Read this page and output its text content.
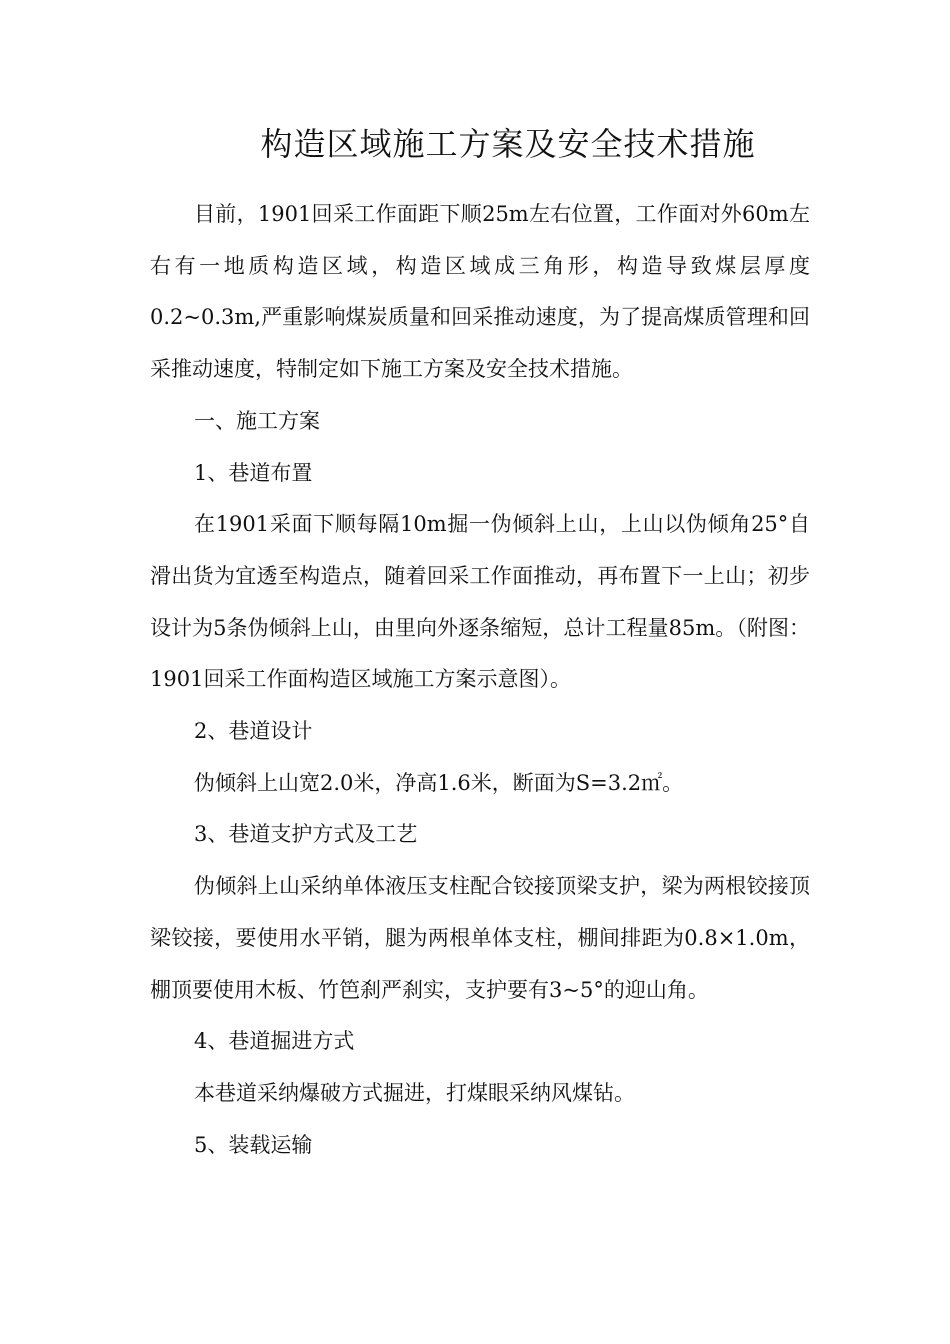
构造区域施工方案及安全技术措施

目前，1901回采工作面距下顺25m左右位置，工作面对外60m左右有一地质构造区域，构造区域成三角形，构造导致煤层厚度0.2~0.3m,严重影响煤炭质量和回采推动速度，为了提高煤质管理和回采推动速度，特制定如下施工方案及安全技术措施。

一、施工方案

1、巷道布置

在1901采面下顺每隔10m掘一伪倾斜上山，上山以伪倾角25°自滑出货为宜透至构造点，随着回采工作面推动，再布置下一上山；初步设计为5条伪倾斜上山，由里向外逐条缩短，总计工程量85m。（附图：1901回采工作面构造区域施工方案示意图）。

2、巷道设计

伪倾斜上山宽2.0米，净高1.6米，断面为S=3.2㎡。

3、巷道支护方式及工艺

伪倾斜上山采纳单体液压支柱配合铰接顶梁支护，梁为两根铰接顶梁铰接，要使用水平销，腿为两根单体支柱，棚间排距为0.8×1.0m，棚顶要使用木板、竹笆刹严刹实，支护要有3~5°的迎山角。

4、巷道掘进方式

本巷道采纳爆破方式掘进，打煤眼采纳风煤钻。

5、装载运输
